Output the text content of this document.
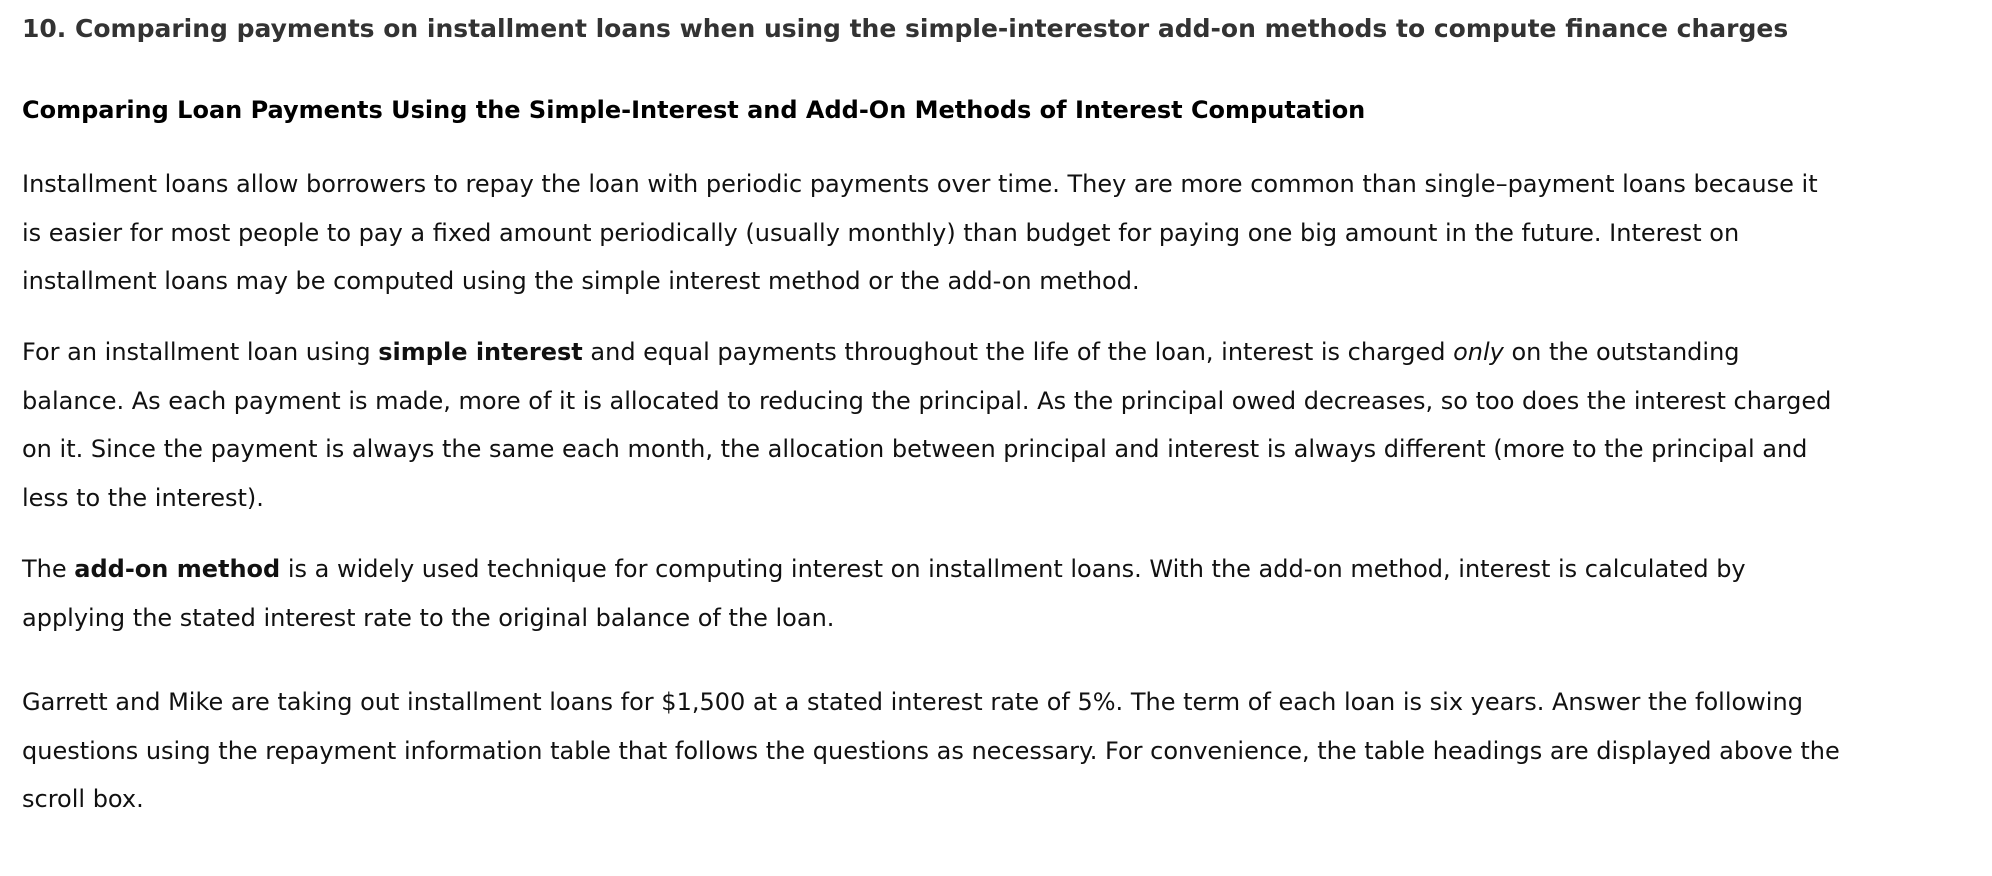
10. Comparing payments on installment loans when using the simple-interestor add-on methods to compute finance charges
Comparing Loan Payments Using the Simple-Interest and Add-On Methods of Interest Computation

Installment loans allow borrowers to repay the loan with periodic payments over time. They are more common than single–payment loans because it
is easier for most people to pay a fixed amount periodically (usually monthly) than budget for paying one big amount in the future. Interest on
installment loans may be computed using the simple interest method or the add-on method.

For an installment loan using simple interest and equal payments throughout the life of the loan, interest is charged only on the outstanding
balance. As each payment is made, more of it is allocated to reducing the principal. As the principal owed decreases, so too does the interest charged
on it. Since the payment is always the same each month, the allocation between principal and interest is always different (more to the principal and
less to the interest).

The add-on method is a widely used technique for computing interest on installment loans. With the add-on method, interest is calculated by
applying the stated interest rate to the original balance of the loan.

Garrett and Mike are taking out installment loans for $1,500 at a stated interest rate of 5%. The term of each loan is six years. Answer the following
questions using the repayment information table that follows the questions as necessary. For convenience, the table headings are displayed above the
scroll box.
